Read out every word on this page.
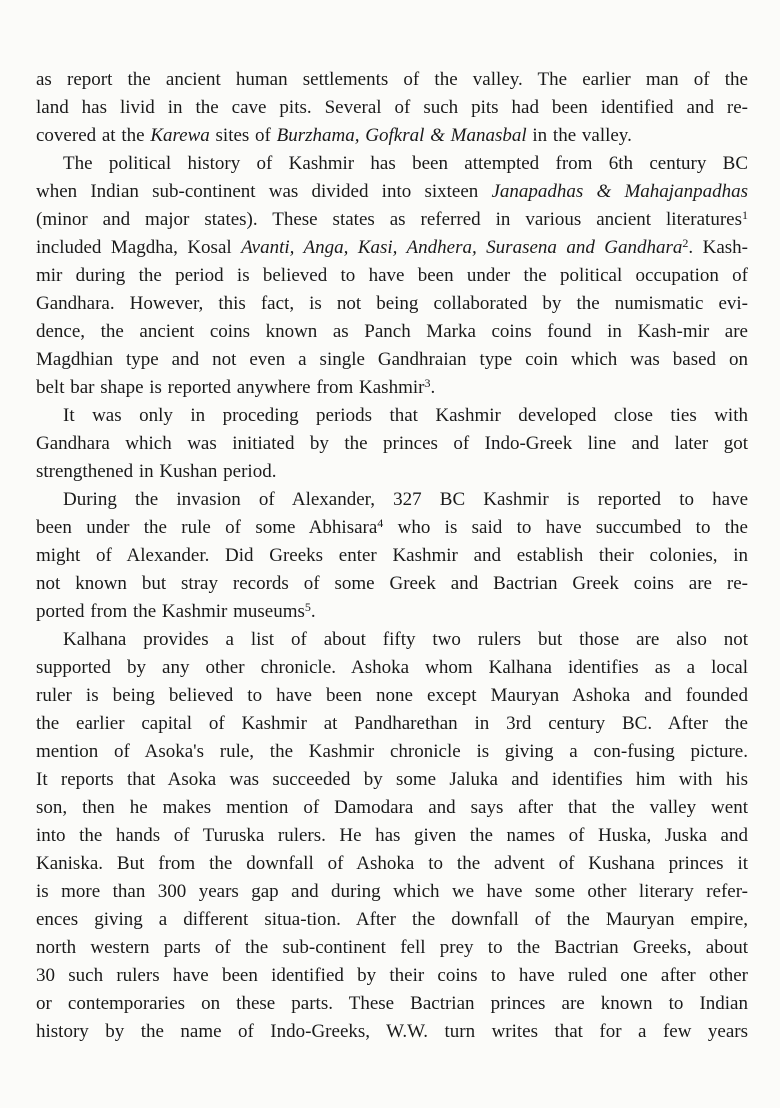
as report the ancient human settlements of the valley. The earlier man of the
land has livid in the cave pits. Several of such pits had been identified and re-
covered at the Karewa sites of Burzhama, Gofkral & Manasbal in the valley.
The political history of Kashmir has been attempted from 6th century BC
when Indian sub-continent was divided into sixteen Janapadhas & Mahajanpadhas
(minor and major states). These states as referred in various ancient literatures$^1$
included Magdha, Kosal Avanti, Anga, Kasi, Andhera, Surasena and Gandhara$^2$. Kash-
mir during the period is believed to have been under the political occupation of
Gandhara. However, this fact, is not being collaborated by the numismatic evi-
dence, the ancient coins known as Panch Marka coins found in Kash-mir are
Magdhian type and not even a single Gandhraian type coin which was based on
belt bar shape is reported anywhere from Kashmir$^3$.
It was only in proceding periods that Kashmir developed close ties with
Gandhara which was initiated by the princes of Indo-Greek line and later got
strengthened in Kushan period.
During the invasion of Alexander, 327 BC Kashmir is reported to have
been under the rule of some Abhisara$^4$ who is said to have succumbed to the
might of Alexander. Did Greeks enter Kashmir and establish their colonies, in
not known but stray records of some Greek and Bactrian Greek coins are re-
ported from the Kashmir museums$^5$.
Kalhana provides a list of about fifty two rulers but those are also not
supported by any other chronicle. Ashoka whom Kalhana identifies as a local
ruler is being believed to have been none except Mauryan Ashoka and founded
the earlier capital of Kashmir at Pandharethan in 3rd century BC. After the
mention of Asoka's rule, the Kashmir chronicle is giving a con-fusing picture.
It reports that Asoka was succeeded by some Jaluka and identifies him with his
son, then he makes mention of Damodara and says after that the valley went
into the hands of Turuska rulers. He has given the names of Huska, Juska and
Kaniska. But from the downfall of Ashoka to the advent of Kushana princes it
is more than 300 years gap and during which we have some other literary refer-
ences giving a different situa-tion. After the downfall of the Mauryan empire,
north western parts of the sub-continent fell prey to the Bactrian Greeks, about
30 such rulers have been identified by their coins to have ruled one after other
or contemporaries on these parts. These Bactrian princes are known to Indian
history by the name of Indo-Greeks, W.W. turn writes that for a few years
